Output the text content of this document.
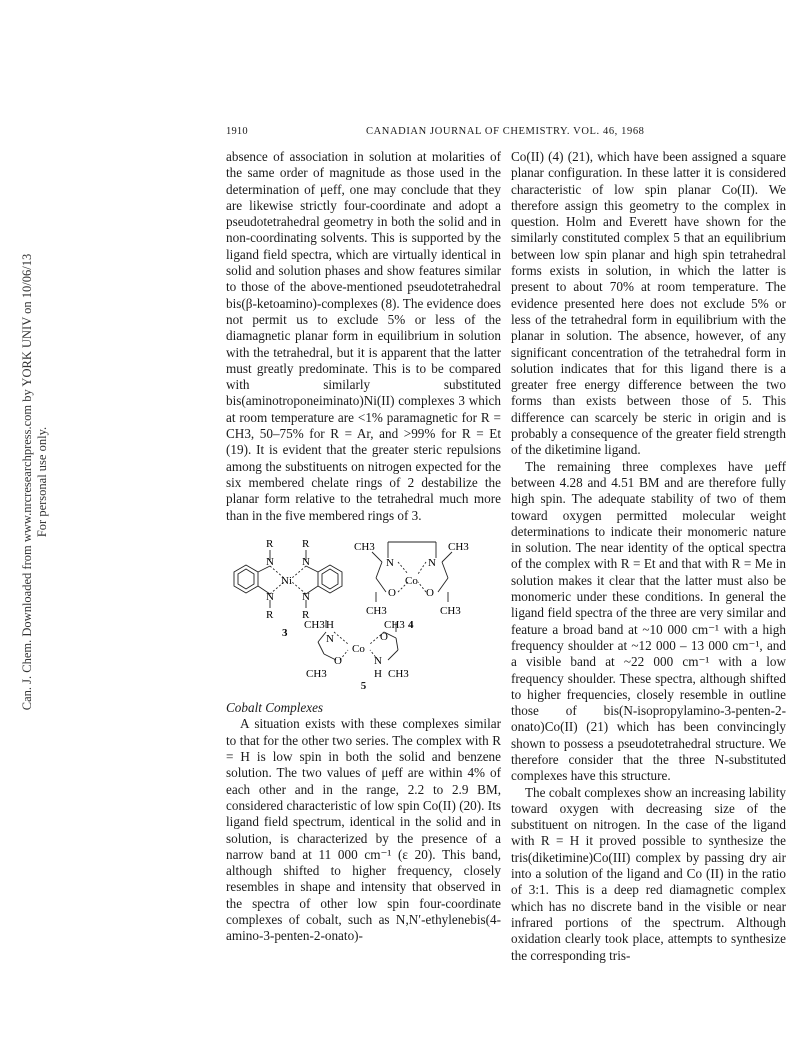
Can. J. Chem. Downloaded from www.nrcresearchpress.com by YORK UNIV on 10/06/13 For personal use only.
1910	CANADIAN JOURNAL OF CHEMISTRY. VOL. 46, 1968

absence of association in solution at molarities of the same order of magnitude as those used in the determination of μeff, one may conclude that they are likewise strictly four-coordinate and adopt a pseudotetrahedral geometry in both the solid and in non-coordinating solvents. This is supported by the ligand field spectra, which are virtually identical in solid and solution phases and show features similar to those of the above-mentioned pseudotetrahedral bis(β-ketoamino)-complexes (8). The evidence does not permit us to exclude 5% or less of the diamagnetic planar form in equilibrium in solution with the tetrahedral, but it is apparent that the latter must greatly predominate. This is to be compared with similarly substituted bis(aminotroponeiminato)Ni(II) complexes 3 which at room temperature are <1% paramagnetic for R = CH3, 50–75% for R = Ar, and >99% for R = Et (19). It is evident that the greater steric repulsions among the substituents on nitrogen expected for the six membered chelate rings of 2 destabilize the planar form relative to the tetrahedral much more than in the five membered rings of 3.

R	R
N	N
N	N
Ni
R	R
3
CH3	CH3
N	N
Co
O	O
CH3	CH3
4
CH3 H	CH3
N	O
Co
O	N
CH3	H CH3
5

Cobalt Complexes

A situation exists with these complexes similar to that for the other two series. The complex with R = H is low spin in both the solid and benzene solution. The two values of μeff are within 4% of each other and in the range, 2.2 to 2.9 BM, considered characteristic of low spin Co(II) (20). Its ligand field spectrum, identical in the solid and in solution, is characterized by the presence of a narrow band at 11 000 cm⁻¹ (ε 20). This band, although shifted to higher frequency, closely resembles in shape and intensity that observed in the spectra of other low spin four-coordinate complexes of cobalt, such as N,N′-ethylenebis(4-amino-3-penten-2-onato)-

Co(II) (4) (21), which have been assigned a square planar configuration. In these latter it is considered characteristic of low spin planar Co(II). We therefore assign this geometry to the complex in question. Holm and Everett have shown for the similarly constituted complex 5 that an equilibrium between low spin planar and high spin tetrahedral forms exists in solution, in which the latter is present to about 70% at room temperature. The evidence presented here does not exclude 5% or less of the tetrahedral form in equilibrium with the planar in solution. The absence, however, of any significant concentration of the tetrahedral form in solution indicates that for this ligand there is a greater free energy difference between the two forms than exists between those of 5. This difference can scarcely be steric in origin and is probably a consequence of the greater field strength of the diketimine ligand.

The remaining three complexes have μeff between 4.28 and 4.51 BM and are therefore fully high spin. The adequate stability of two of them toward oxygen permitted molecular weight determinations to indicate their monomeric nature in solution. The near identity of the optical spectra of the complex with R = Et and that with R = Me in solution makes it clear that the latter must also be monomeric under these conditions. In general the ligand field spectra of the three are very similar and feature a broad band at ~10 000 cm⁻¹ with a high frequency shoulder at ~12 000 – 13 000 cm⁻¹, and a visible band at ~22 000 cm⁻¹ with a low frequency shoulder. These spectra, although shifted to higher frequencies, closely resemble in outline those of bis(N-isopropylamino-3-penten-2-onato)Co(II) (21) which has been convincingly shown to possess a pseudotetrahedral structure. We therefore consider that the three N-substituted complexes have this structure.

The cobalt complexes show an increasing lability toward oxygen with decreasing size of the substituent on nitrogen. In the case of the ligand with R = H it proved possible to synthesize the tris(diketimine)Co(III) complex by passing dry air into a solution of the ligand and Co (II) in the ratio of 3:1. This is a deep red diamagnetic complex which has no discrete band in the visible or near infrared portions of the spectrum. Although oxidation clearly took place, attempts to synthesize the corresponding tris-
